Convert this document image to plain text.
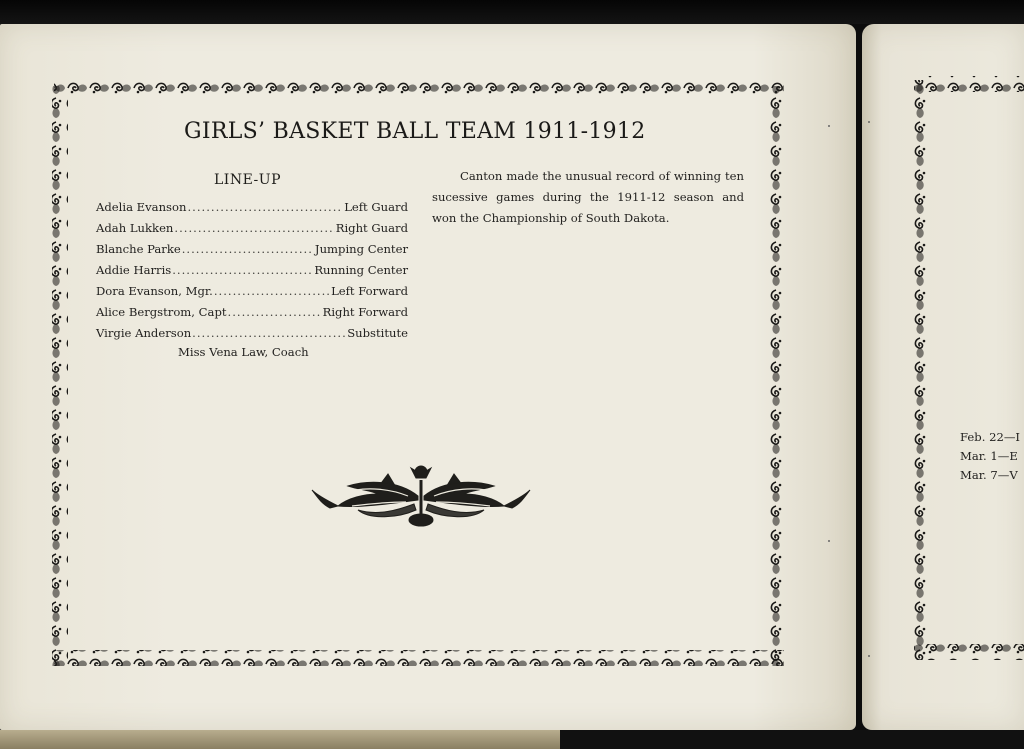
GIRLS’ BASKET BALL TEAM 1911-1912
LINE-UP
Adelia Evanson .....	Left Guard
Adah Lukken .....	Right Guard
Blanche Parke .....	Jumping Center
Addie Harris .....	Running Center
Dora Evanson, Mgr. .....	Left Forward
Alice Bergstrom, Capt .....	Right Forward
Virgie Anderson .....	Substitute
Miss Vena Law, Coach

Canton made the unusual record of winning ten sucessive games during the 1911-12 season and won the Championship of South Dakota.

Feb. 22—I
Mar. 1—E
Mar. 7—V
